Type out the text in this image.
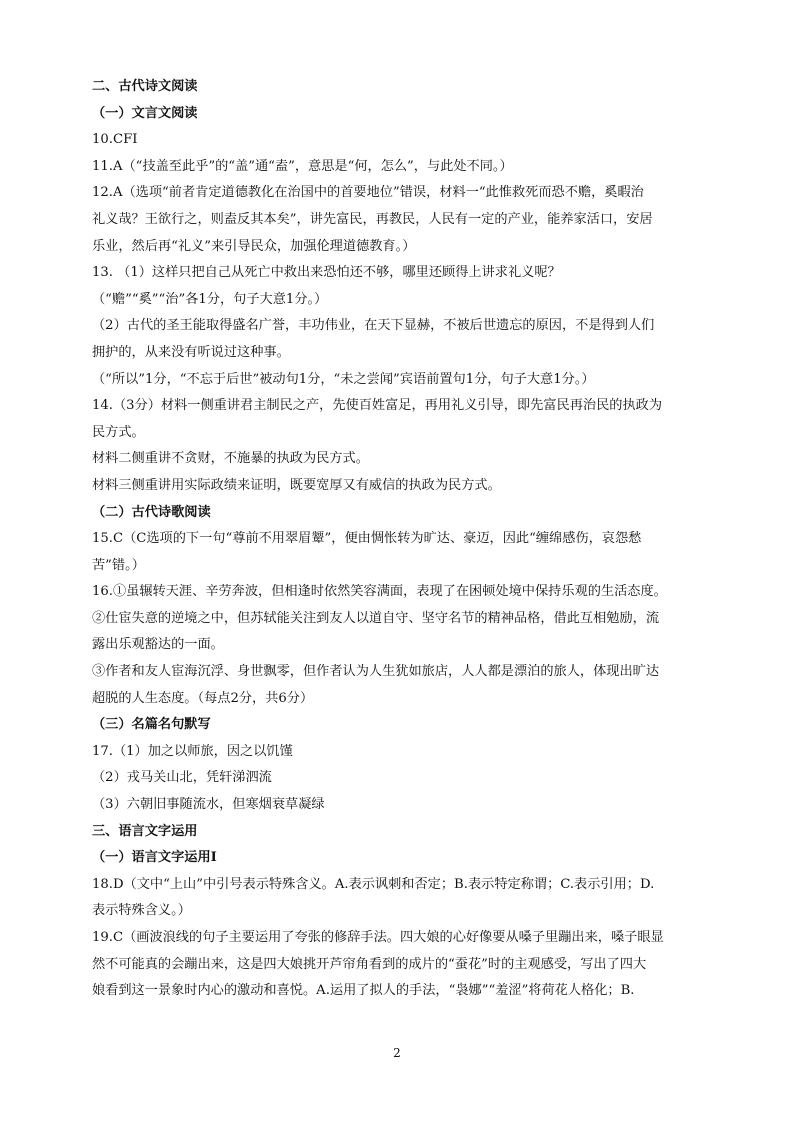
二、古代诗文阅读
（一）文言文阅读
10.CFI
11.A（“技盖至此乎”的“盖”通“盍”，意思是“何，怎么”，与此处不同。）
12.A（选项“前者肯定道德教化在治国中的首要地位”错误，材料一“此惟救死而恐不赡，奚暇治
礼义哉？王欲行之，则盍反其本矣”，讲先富民，再教民，人民有一定的产业，能养家活口，安居
乐业，然后再“礼义”来引导民众，加强伦理道德教育。）
13. （1）这样只把自己从死亡中救出来恐怕还不够，哪里还顾得上讲求礼义呢？
（“赡”“奚”“治”各1分，句子大意1分。）
（2）古代的圣王能取得盛名广誉，丰功伟业，在天下显赫，不被后世遗忘的原因，不是得到人们
拥护的，从来没有听说过这种事。
（“所以”1分，“不忘于后世”被动句1分，“未之尝闻”宾语前置句1分，句子大意1分。）
14.（3分）材料一侧重讲君主制民之产，先使百姓富足，再用礼义引导，即先富民再治民的执政为
民方式。
材料二侧重讲不贪财，不施暴的执政为民方式。
材料三侧重讲用实际政绩来证明，既要宽厚又有威信的执政为民方式。
（二）古代诗歌阅读
15.C（C选项的下一句“尊前不用翠眉颦”，便由惆怅转为旷达、豪迈，因此“缠绵感伤，哀怨愁
苦”错。）
16.①虽辗转天涯、辛劳奔波，但相逢时依然笑容满面，表现了在困顿处境中保持乐观的生活态度。
②仕宦失意的逆境之中，但苏轼能关注到友人以道自守、坚守名节的精神品格，借此互相勉励，流
露出乐观豁达的一面。
③作者和友人宦海沉浮、身世飘零，但作者认为人生犹如旅店，人人都是漂泊的旅人，体现出旷达
超脱的人生态度。（每点2分，共6分）
（三）名篇名句默写
17.（1）加之以师旅，因之以饥馑
（2）戎马关山北，凭轩涕泗流
（3）六朝旧事随流水，但寒烟衰草凝绿
三、语言文字运用
（一）语言文字运用Ⅰ
18.D（文中“上山”中引号表示特殊含义。A.表示讽刺和否定；B.表示特定称谓；C.表示引用；D.
表示特殊含义。）
19.C（画波浪线的句子主要运用了夸张的修辞手法。四大娘的心好像要从嗓子里蹦出来，嗓子眼显
然不可能真的会蹦出来，这是四大娘挑开芦帘角看到的成片的“蚕花”时的主观感受，写出了四大
娘看到这一景象时内心的激动和喜悦。A.运用了拟人的手法，“袅娜”“羞涩”将荷花人格化；B.
2
